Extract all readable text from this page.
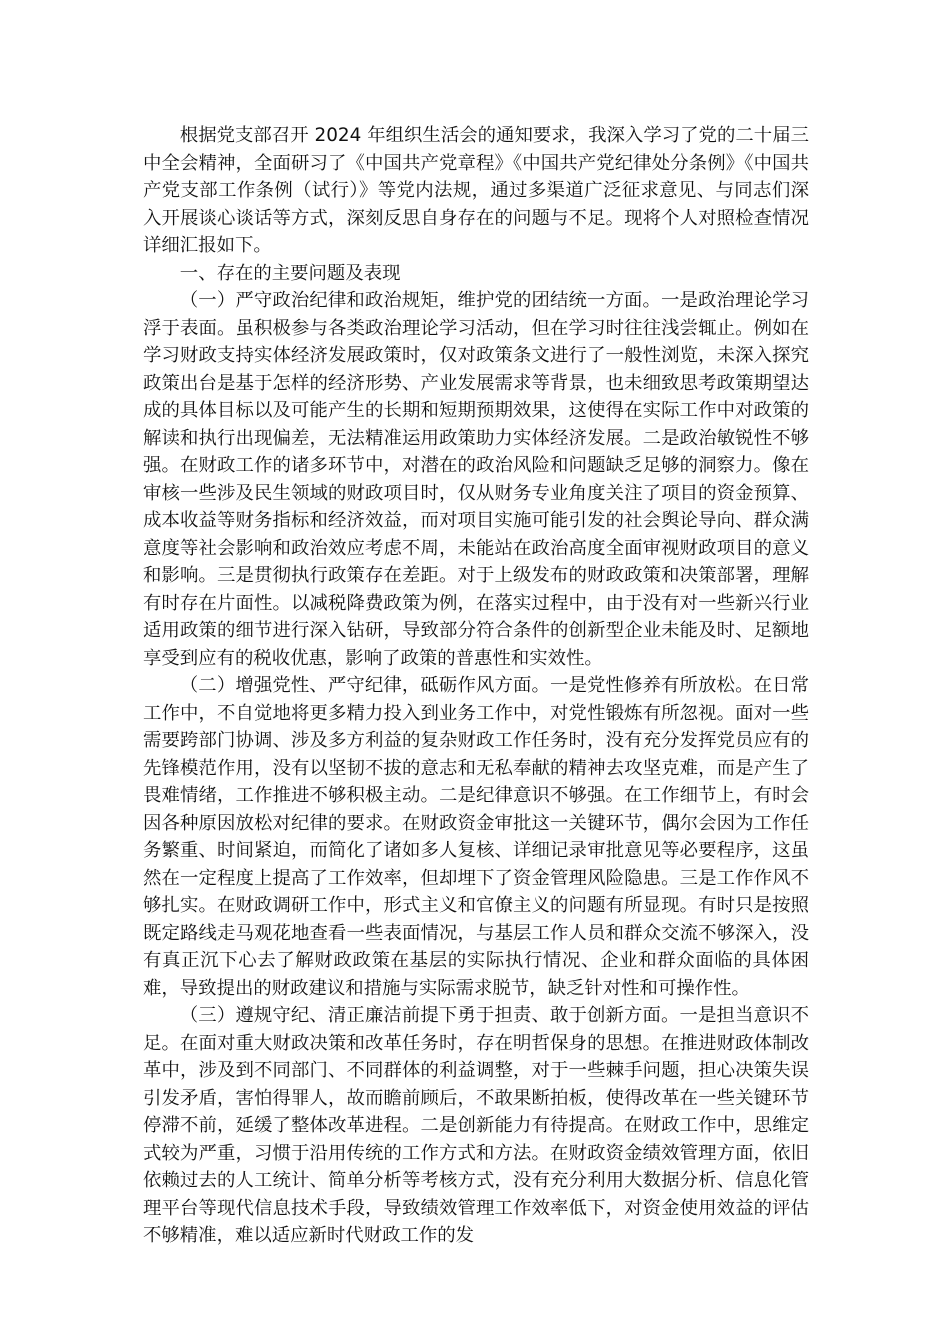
根据党支部召开 2024 年组织生活会的通知要求，我深入学习了党的二十届三中全会精神，全面研习了《中国共产党章程》《中国共产党纪律处分条例》《中国共产党支部工作条例（试行）》等党内法规，通过多渠道广泛征求意见、与同志们深入开展谈心谈话等方式，深刻反思自身存在的问题与不足。现将个人对照检查情况详细汇报如下。

一、存在的主要问题及表现

（一）严守政治纪律和政治规矩，维护党的团结统一方面。一是政治理论学习浮于表面。虽积极参与各类政治理论学习活动，但在学习时往往浅尝辄止。例如在学习财政支持实体经济发展政策时，仅对政策条文进行了一般性浏览，未深入探究政策出台是基于怎样的经济形势、产业发展需求等背景，也未细致思考政策期望达成的具体目标以及可能产生的长期和短期预期效果，这使得在实际工作中对政策的解读和执行出现偏差，无法精准运用政策助力实体经济发展。二是政治敏锐性不够强。在财政工作的诸多环节中，对潜在的政治风险和问题缺乏足够的洞察力。像在审核一些涉及民生领域的财政项目时，仅从财务专业角度关注了项目的资金预算、成本收益等财务指标和经济效益，而对项目实施可能引发的社会舆论导向、群众满意度等社会影响和政治效应考虑不周，未能站在政治高度全面审视财政项目的意义和影响。三是贯彻执行政策存在差距。对于上级发布的财政政策和决策部署，理解有时存在片面性。以减税降费政策为例，在落实过程中，由于没有对一些新兴行业适用政策的细节进行深入钻研，导致部分符合条件的创新型企业未能及时、足额地享受到应有的税收优惠，影响了政策的普惠性和实效性。

（二）增强党性、严守纪律，砥砺作风方面。一是党性修养有所放松。在日常工作中，不自觉地将更多精力投入到业务工作中，对党性锻炼有所忽视。面对一些需要跨部门协调、涉及多方利益的复杂财政工作任务时，没有充分发挥党员应有的先锋模范作用，没有以坚韧不拔的意志和无私奉献的精神去攻坚克难，而是产生了畏难情绪，工作推进不够积极主动。二是纪律意识不够强。在工作细节上，有时会因各种原因放松对纪律的要求。在财政资金审批这一关键环节，偶尔会因为工作任务繁重、时间紧迫，而简化了诸如多人复核、详细记录审批意见等必要程序，这虽然在一定程度上提高了工作效率，但却埋下了资金管理风险隐患。三是工作作风不够扎实。在财政调研工作中，形式主义和官僚主义的问题有所显现。有时只是按照既定路线走马观花地查看一些表面情况，与基层工作人员和群众交流不够深入，没有真正沉下心去了解财政政策在基层的实际执行情况、企业和群众面临的具体困难，导致提出的财政建议和措施与实际需求脱节，缺乏针对性和可操作性。

（三）遵规守纪、清正廉洁前提下勇于担责、敢于创新方面。一是担当意识不足。在面对重大财政决策和改革任务时，存在明哲保身的思想。在推进财政体制改革中，涉及到不同部门、不同群体的利益调整，对于一些棘手问题，担心决策失误引发矛盾，害怕得罪人，故而瞻前顾后，不敢果断拍板，使得改革在一些关键环节停滞不前，延缓了整体改革进程。二是创新能力有待提高。在财政工作中，思维定式较为严重，习惯于沿用传统的工作方式和方法。在财政资金绩效管理方面，依旧依赖过去的人工统计、简单分析等考核方式，没有充分利用大数据分析、信息化管理平台等现代信息技术手段，导致绩效管理工作效率低下，对资金使用效益的评估不够精准，难以适应新时代财政工作的发
